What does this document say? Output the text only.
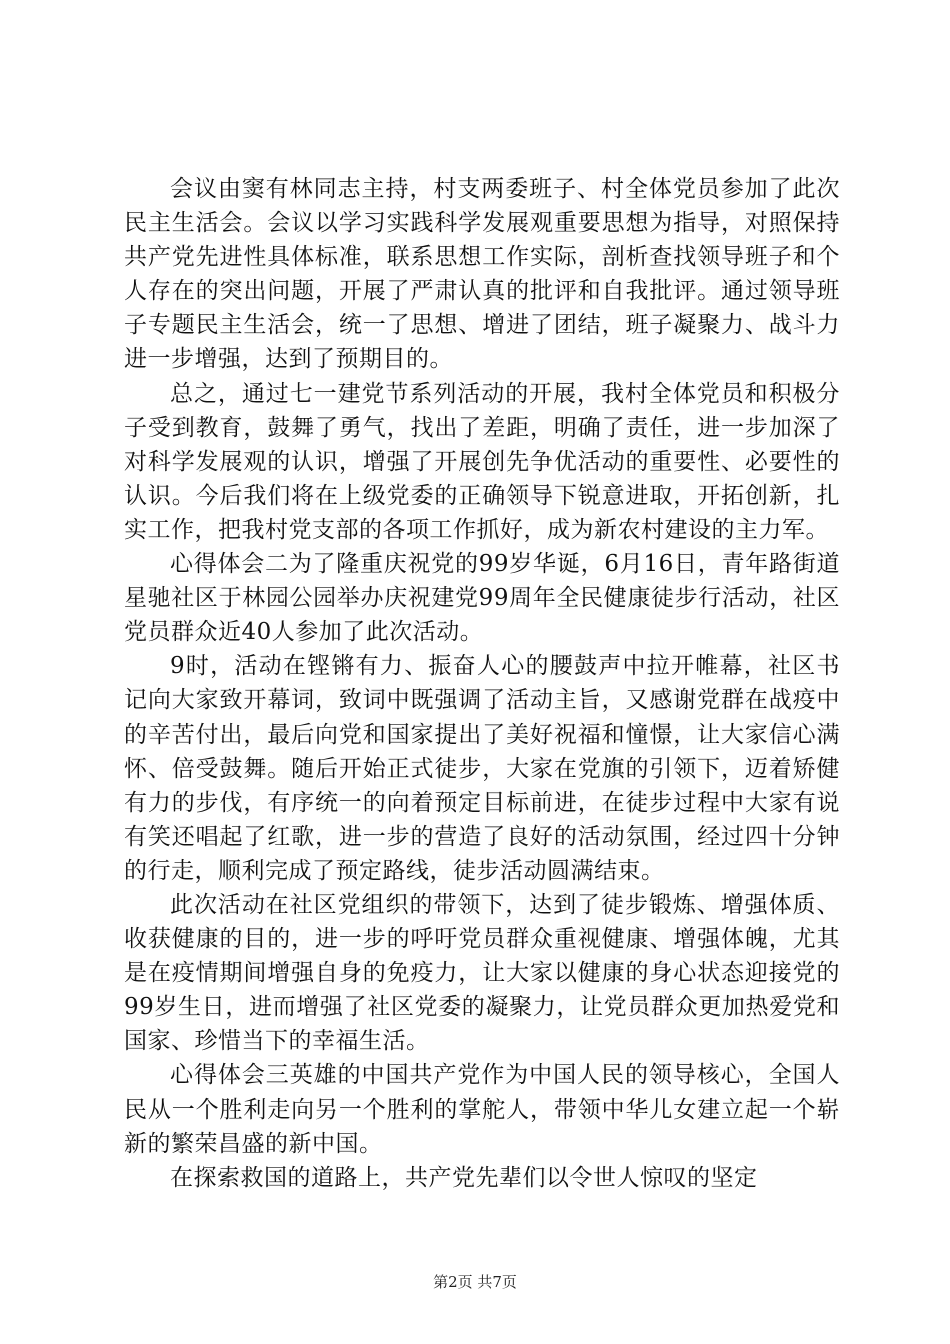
会议由窦有林同志主持，村支两委班子、村全体党员参加了此次民主生活会。会议以学习实践科学发展观重要思想为指导，对照保持共产党先进性具体标准，联系思想工作实际，剖析查找领导班子和个人存在的突出问题，开展了严肃认真的批评和自我批评。通过领导班子专题民主生活会，统一了思想、增进了团结，班子凝聚力、战斗力进一步增强，达到了预期目的。

总之，通过七一建党节系列活动的开展，我村全体党员和积极分子受到教育，鼓舞了勇气，找出了差距，明确了责任，进一步加深了对科学发展观的认识，增强了开展创先争优活动的重要性、必要性的认识。今后我们将在上级党委的正确领导下锐意进取，开拓创新，扎实工作，把我村党支部的各项工作抓好，成为新农村建设的主力军。

心得体会二为了隆重庆祝党的99岁华诞，6月16日，青年路街道星驰社区于林园公园举办庆祝建党99周年全民健康徒步行活动，社区党员群众近40人参加了此次活动。

9时，活动在铿锵有力、振奋人心的腰鼓声中拉开帷幕，社区书记向大家致开幕词，致词中既强调了活动主旨，又感谢党群在战疫中的辛苦付出，最后向党和国家提出了美好祝福和憧憬，让大家信心满怀、倍受鼓舞。随后开始正式徒步，大家在党旗的引领下，迈着矫健有力的步伐，有序统一的向着预定目标前进，在徒步过程中大家有说有笑还唱起了红歌，进一步的营造了良好的活动氛围，经过四十分钟的行走，顺利完成了预定路线，徒步活动圆满结束。

此次活动在社区党组织的带领下，达到了徒步锻炼、增强体质、收获健康的目的，进一步的呼吁党员群众重视健康、增强体魄，尤其是在疫情期间增强自身的免疫力，让大家以健康的身心状态迎接党的99岁生日，进而增强了社区党委的凝聚力，让党员群众更加热爱党和国家、珍惜当下的幸福生活。

心得体会三英雄的中国共产党作为中国人民的领导核心，全国人民从一个胜利走向另一个胜利的掌舵人，带领中华儿女建立起一个崭新的繁荣昌盛的新中国。

在探索救国的道路上，共产党先辈们以令世人惊叹的坚定

第2页 共7页
